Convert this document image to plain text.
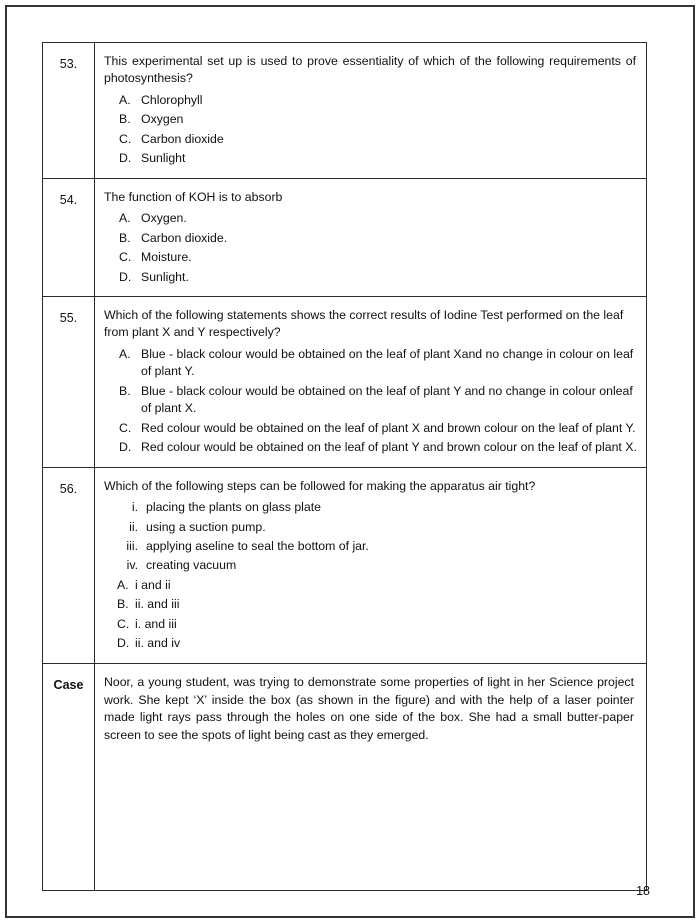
53.	This experimental set up is used to prove essentiality of which of the following requirements of photosynthesis?

A. Chlorophyll
B. Oxygen
C. Carbon dioxide
D. Sunlight

54.	The function of KOH is to absorb

A. Oxygen.
B. Carbon dioxide.
C. Moisture.
D. Sunlight.

55.	Which of the following statements shows the correct results of Iodine Test performed on the leaf from plant X and Y respectively?

A. Blue - black colour would be obtained on the leaf of plant Xand no change in colour on leaf of plant Y.
B. Blue - black colour would be obtained on the leaf of plant Y and no change in colour onleaf of plant X.
C. Red colour would be obtained on the leaf of plant X and brown colour on the leaf of plant Y.
D. Red colour would be obtained on the leaf of plant Y and brown colour on the leaf of plant X.

56.	Which of the following steps can be followed for making the apparatus air tight?

i. placing the plants on glass plate
ii. using a suction pump.
iii. applying aseline to seal the bottom of jar.
iv. creating vacuum
A. i and ii
B. ii. and iii
C. i. and iii
D. ii. and iv

Case	Noor, a young student, was trying to demonstrate some properties of light in her Science project work. She kept ‘X’ inside the box (as shown in the figure) and with the help of a laser pointer made light rays pass through the holes on one side of the box. She had a small butter-paper screen to see the spots of light being cast as they emerged.

18
